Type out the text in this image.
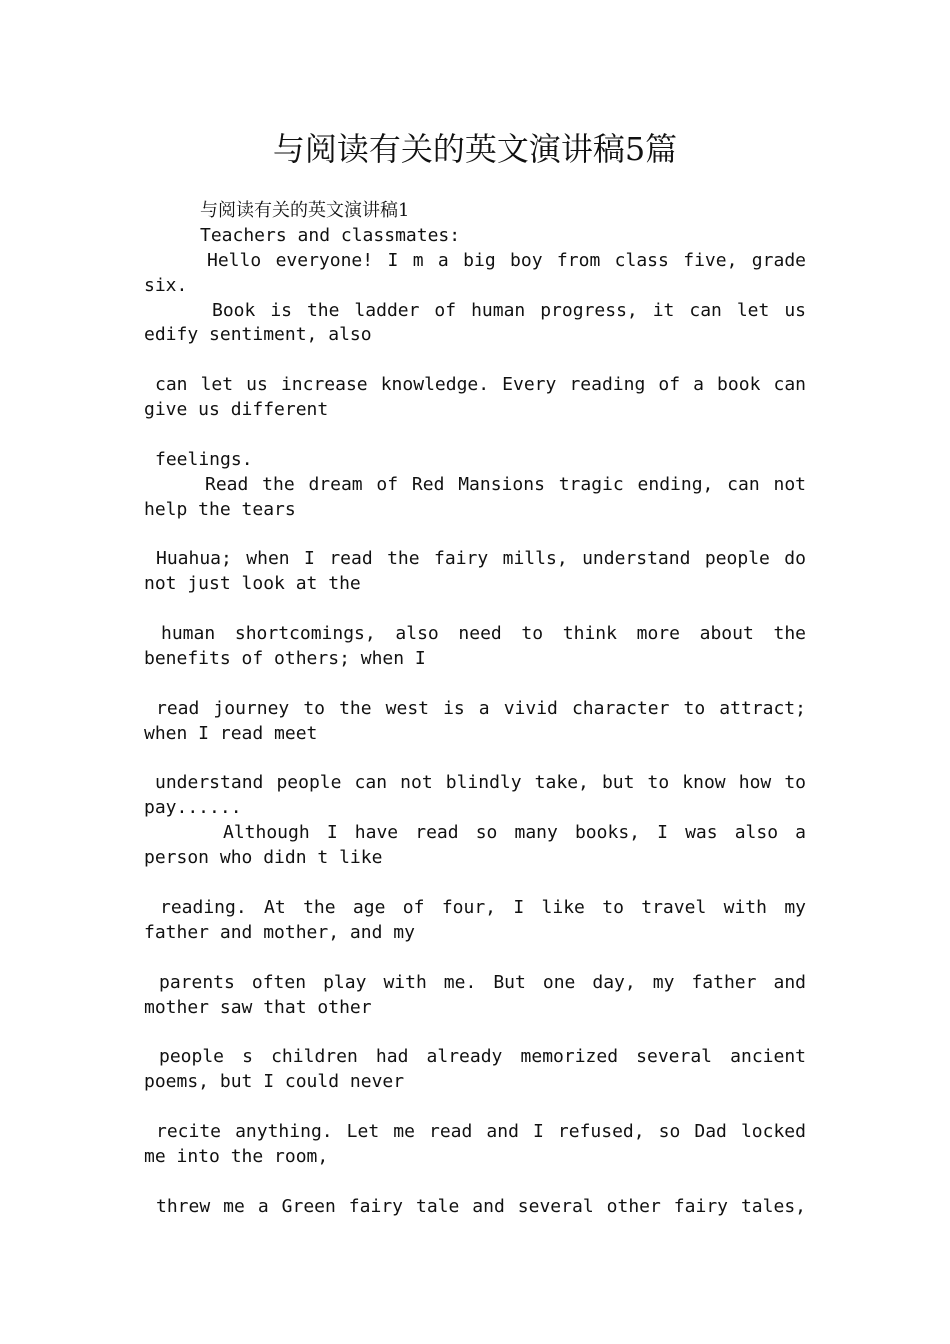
与阅读有关的英文演讲稿5篇
与阅读有关的英文演讲稿1
Teachers and classmates:
Hello everyone! I m a big boy from class five, grade
six.
Book is the ladder of human progress, it can let us
edify sentiment, also
can let us increase knowledge. Every reading of a book can
give us different
feelings.
Read the dream of Red Mansions tragic ending, can not
help the tears
Huahua; when I read the fairy mills, understand people do
not just look at the
human shortcomings, also need to think more about the
benefits of others; when I
read journey to the west is a vivid character to attract;
when I read meet
understand people can not blindly take, but to know how to
pay......
Although I have read so many books, I was also a
person who didn t like
reading. At the age of four, I like to travel with my
father and mother, and my
parents often play with me. But one day, my father and
mother saw that other
people s children had already memorized several ancient
poems, but I could never
recite anything. Let me read and I refused, so Dad locked
me into the room,
threw me a Green fairy tale and several other fairy tales,
